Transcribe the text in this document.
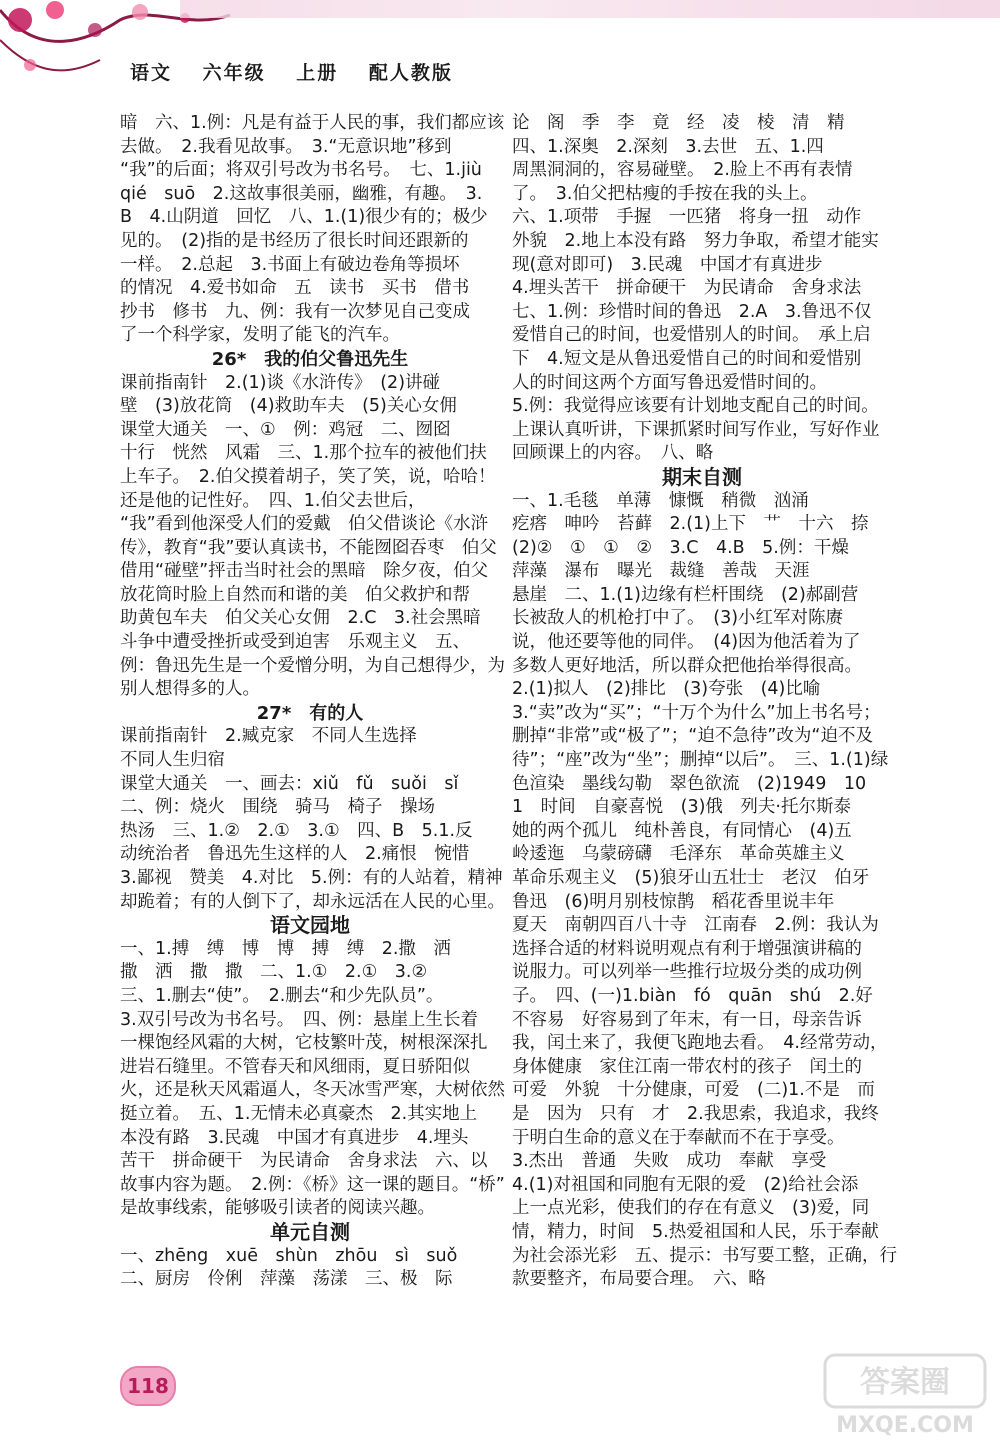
语文 六年级 上册 配人教版

暗　六、1.例：凡是有益于人民的事，我们都应该

去做。　2.我看见故事。　3.“无意识地”移到

“我”的后面；将双引号改为书名号。　七、1.jiù

qié　suō　2.这故事很美丽，幽雅，有趣。　3.

B　4.山阴道　回忆　八、1.(1)很少有的；极少

见的。　(2)指的是书经历了很长时间还跟新的

一样。　2.总起　3.书面上有破边卷角等损坏

的情况　4.爱书如命　五　读书　买书　借书

抄书　修书　九、例：我有一次梦见自己变成

了一个科学家，发明了能飞的汽车。

26*　我的伯父鲁迅先生

课前指南针　2.(1)谈《水浒传》　(2)讲碰

壁　(3)放花筒　(4)救助车夫　(5)关心女佣

课堂大通关　一、①　例：鸡冠　二、囫囵

十行　恍然　风霜　三、1.那个拉车的被他们扶

上车子。　2.伯父摸着胡子，笑了笑，说，哈哈！

还是他的记性好。　四、1.伯父去世后，

“我”看到他深受人们的爱戴　伯父借谈论《水浒

传》，教育“我”要认真读书，不能囫囵吞枣　伯父

借用“碰壁”抨击当时社会的黑暗　除夕夜，伯父

放花筒时脸上自然而和谐的美　伯父救护和帮

助黄包车夫　伯父关心女佣　2.C　3.社会黑暗

斗争中遭受挫折或受到迫害　乐观主义　五、

例：鲁迅先生是一个爱憎分明，为自己想得少，为

别人想得多的人。

27*　有的人

课前指南针　2.臧克家　不同人生选择

不同人生归宿

课堂大通关　一、画去：xiǔ　fǔ　suǒi　sǐ

二、例：烧火　围绕　骑马　椅子　操场

热汤　三、1.②　2.①　3.①　四、B　5.1.反

动统治者　鲁迅先生这样的人　2.痛恨　惋惜

3.鄙视　赞美　4.对比　5.例：有的人站着，精神

却跪着；有的人倒下了，却永远活在人民的心里。

语文园地

一、1.搏　缚　博　博　搏　缚　2.撒　洒

撒　洒　撒　撒　二、1.①　2.①　3.②

三、1.删去“使”。　2.删去“和少先队员”。

3.双引号改为书名号。　四、例：悬崖上生长着

一棵饱经风霜的大树，它枝繁叶茂，树根深深扎

进岩石缝里。不管春天和风细雨，夏日骄阳似

火，还是秋天风霜逼人，冬天冰雪严寒，大树依然

挺立着。　五、1.无情未必真豪杰　2.其实地上

本没有路　3.民魂　中国才有真进步　4.埋头

苦干　拼命硬干　为民请命　舍身求法　六、以

故事内容为题。　2.例：《桥》这一课的题目。“桥”

是故事线索，能够吸引读者的阅读兴趣。

单元自测

一、zhēng　xuē　shùn　zhōu　sì　suǒ

二、厨房　伶俐　萍藻　荡漾　三、极　际

论　阁　季　李　竟　经　凌　棱　清　精

四、1.深奥　2.深刻　3.去世　五、1.四

周黑洞洞的，容易碰壁。　2.脸上不再有表情

了。　3.伯父把枯瘦的手按在我的头上。

六、1.项带　手握　一匹猪　将身一扭　动作

外貌　2.地上本没有路　努力争取，希望才能实

现(意对即可)　3.民魂　中国才有真进步

4.埋头苦干　拼命硬干　为民请命　舍身求法

七、1.例：珍惜时间的鲁迅　2.A　3.鲁迅不仅

爱惜自己的时间，也爱惜别人的时间。　承上启

下　4.短文是从鲁迅爱惜自己的时间和爱惜别

人的时间这两个方面写鲁迅爱惜时间的。

5.例：我觉得应该要有计划地支配自己的时间。

上课认真听讲，下课抓紧时间写作业，写好作业

回顾课上的内容。　八、略

期末自测

一、1.毛毯　单薄　慷慨　稍微　汹涌

疙瘩　呻吟　苔藓　2.(1)上下　艹　十六　捺

(2)②　①　①　②　3.C　4.B　5.例：干燥

萍藻　瀑布　曝光　裁缝　善哉　天涯

悬崖　二、1.(1)边缘有栏杆围绕　(2)郝副营

长被敌人的机枪打中了。　(3)小红军对陈赓

说，他还要等他的同伴。　(4)因为他活着为了

多数人更好地活，所以群众把他抬举得很高。

2.(1)拟人　(2)排比　(3)夸张　(4)比喻

3.“卖”改为“买”；“十万个为什么”加上书名号；

删掉“非常”或“极了”；“迫不急待”改为“迫不及

待”；“座”改为“坐”；删掉“以后”。　三、1.(1)绿

色渲染　墨线勾勒　翠色欲流　(2)1949　10

1　时间　自豪喜悦　(3)俄　列夫·托尔斯泰

她的两个孤儿　纯朴善良，有同情心　(4)五

岭逶迤　乌蒙磅礴　毛泽东　革命英雄主义

革命乐观主义　(5)狼牙山五壮士　老汉　伯牙

鲁迅　(6)明月别枝惊鹊　稻花香里说丰年

夏天　南朝四百八十寺　江南春　2.例：我认为

选择合适的材料说明观点有利于增强演讲稿的

说服力。可以列举一些推行垃圾分类的成功例

子。　四、(一)1.biàn　fó　quān　shú　2.好

不容易　好容易到了年末，有一日，母亲告诉

我，闰土来了，我便飞跑地去看。　4.经常劳动，

身体健康　家住江南一带农村的孩子　闰土的

可爱　外貌　十分健康，可爱　(二)1.不是　而

是　因为　只有　才　2.我思索，我追求，我终

于明白生命的意义在于奉献而不在于享受。

3.杰出　普通　失败　成功　奉献　享受

4.(1)对祖国和同胞有无限的爱　(2)给社会添

上一点光彩，使我们的存在有意义　(3)爱，同

情，精力，时间　5.热爱祖国和人民，乐于奉献

为社会添光彩　五、提示：书写要工整，正确，行

款要整齐，布局要合理。　六、略

118	答案圈
MXQE.COM
